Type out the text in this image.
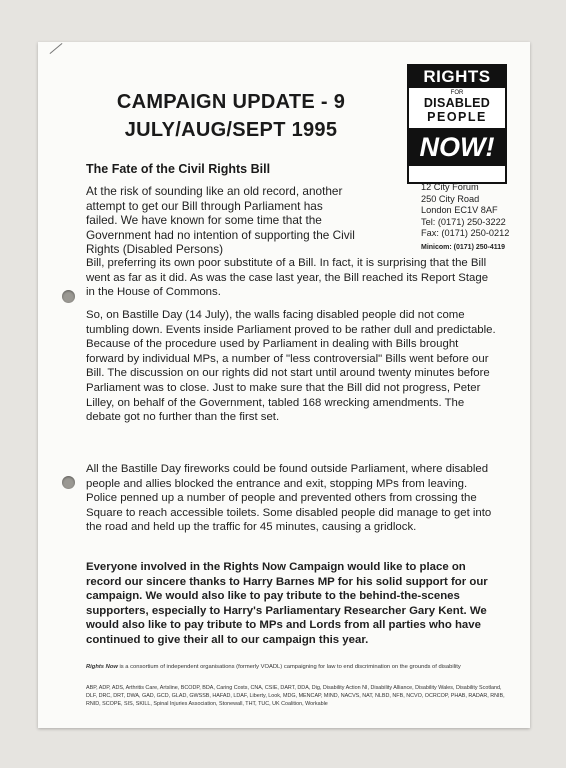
CAMPAIGN UPDATE - 9
JULY/AUG/SEPT 1995
RIGHTS
FOR
DISABLED
PEOPLE
NOW!
12 City Forum
250 City Road
London EC1V 8AF
Tel: (0171) 250-3222
Fax: (0171) 250-0212
Minicom: (0171) 250-4119
The Fate of the Civil Rights Bill
At the risk of sounding like an old record, another attempt to get our Bill through Parliament has failed. We have known for some time that the Government had no intention of supporting the Civil Rights (Disabled Persons)
Bill, preferring its own poor substitute of a Bill. In fact, it is surprising that the Bill went as far as it did. As was the case last year, the Bill reached its Report Stage in the House of Commons.
So, on Bastille Day (14 July), the walls facing disabled people did not come tumbling down. Events inside Parliament proved to be rather dull and predictable. Because of the procedure used by Parliament in dealing with Bills brought forward by individual MPs, a number of "less controversial" Bills went before our Bill. The discussion on our rights did not start until around twenty minutes before Parliament was to close. Just to make sure that the Bill did not progress, Peter Lilley, on behalf of the Government, tabled 168 wrecking amendments. The debate got no further than the first set.
All the Bastille Day fireworks could be found outside Parliament, where disabled people and allies blocked the entrance and exit, stopping MPs from leaving. Police penned up a number of people and prevented others from crossing the Square to reach accessible toilets. Some disabled people did manage to get into the road and held up the traffic for 45 minutes, causing a gridlock.
Everyone involved in the Rights Now Campaign would like to place on record our sincere thanks to Harry Barnes MP for his solid support for our campaign. We would also like to pay tribute to the behind-the-scenes supporters, especially to Harry's Parliamentary Researcher Gary Kent. We would also like to pay tribute to MPs and Lords from all parties who have continued to give their all to our campaign this year.
Rights Now is a consortium of independent organisations (formerly VOADL) campaigning for law to end discrimination on the grounds of disability
ABP, ADP, ADS, Arthritis Care, Artsline, BCODP, BDA, Caring Costs, CNA, CSIE, DART, DDA, Dig, Disability Action NI, Disability Alliance, Disability Wales, Disability Scotland, DLF, DRC, DRT, DWA, GAD, GCD, GLAD, GWSSB, HAFAD, LDAF, Liberty, Look, MDG, MENCAP, MIND, NACVS, NAT, NLBD, NFB, NCVO, OCRCOP, PHAB, RADAR, RNIB, RNID, SCOPE, SIS, SKILL, Spinal Injuries Association, Stonewall, THT, TUC, UK Coalition, Workable
